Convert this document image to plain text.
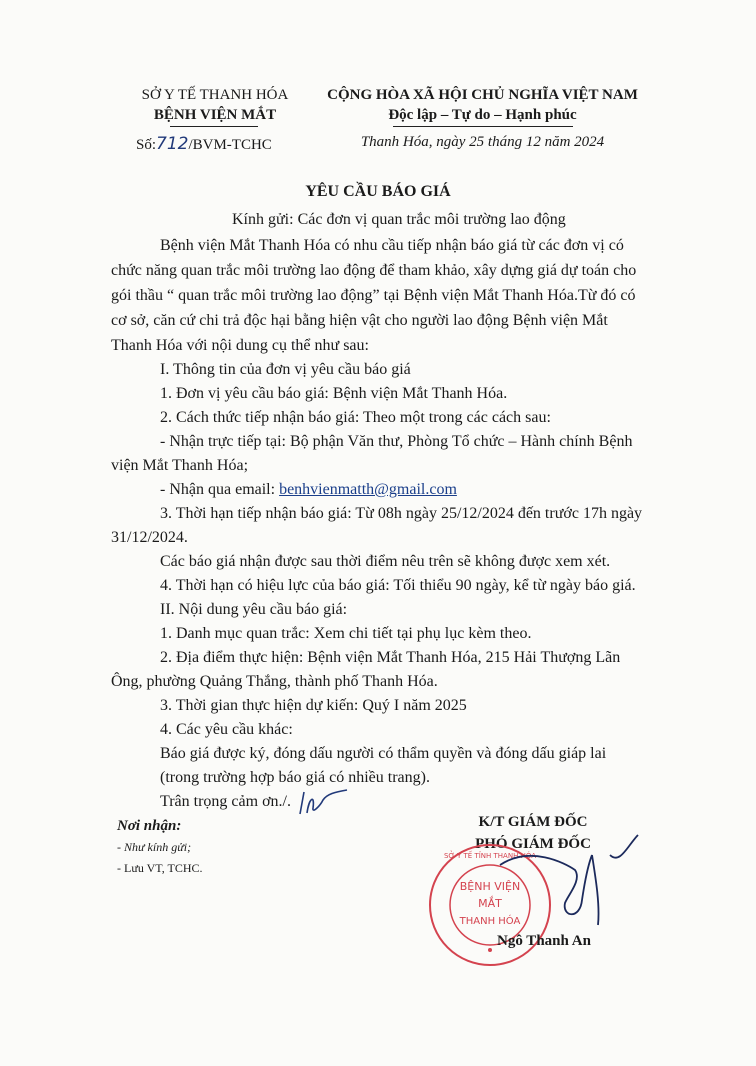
SỞ Y TẾ THANH HÓA
BỆNH VIỆN MẮT
Số:712/BVM-TCHC
CỘNG HÒA XÃ HỘI CHỦ NGHĨA VIỆT NAM
Độc lập – Tự do – Hạnh phúc
Thanh Hóa, ngày 25 tháng 12 năm 2024
YÊU CẦU BÁO GIÁ
Kính gửi: Các đơn vị quan trắc môi trường lao động
Bệnh viện Mắt Thanh Hóa có nhu cầu tiếp nhận báo giá từ các đơn vị có
chức năng quan trắc môi trường lao động để tham khảo, xây dựng giá dự toán cho
gói thầu “ quan trắc môi trường lao động” tại Bệnh viện Mắt Thanh Hóa.Từ đó có
cơ sở, căn cứ chi trả độc hại bằng hiện vật cho người lao động Bệnh viện Mắt
Thanh Hóa với nội dung cụ thể như sau:
I. Thông tin của đơn vị yêu cầu báo giá
1. Đơn vị yêu cầu báo giá: Bệnh viện Mắt Thanh Hóa.
2. Cách thức tiếp nhận báo giá: Theo một trong các cách sau:
- Nhận trực tiếp tại: Bộ phận Văn thư, Phòng Tổ chức – Hành chính Bệnh
viện Mắt Thanh Hóa;
- Nhận qua email: benhvienmatth@gmail.com
3. Thời hạn tiếp nhận báo giá: Từ 08h ngày 25/12/2024 đến trước 17h ngày
31/12/2024.
Các báo giá nhận được sau thời điểm nêu trên sẽ không được xem xét.
4. Thời hạn có hiệu lực của báo giá: Tối thiểu 90 ngày, kể từ ngày báo giá.
II. Nội dung yêu cầu báo giá:
1. Danh mục quan trắc: Xem chi tiết tại phụ lục kèm theo.
2. Địa điểm thực hiện: Bệnh viện Mắt Thanh Hóa, 215 Hải Thượng Lãn
Ông, phường Quảng Thắng, thành phố Thanh Hóa.
3. Thời gian thực hiện dự kiến: Quý I năm 2025
4. Các yêu cầu khác:
Báo giá được ký, đóng dấu người có thẩm quyền và đóng dấu giáp lai
(trong trường hợp báo giá có nhiều trang).
Trân trọng cảm ơn./.
Nơi nhận:
- Như kính gửi;
- Lưu VT, TCHC.
K/T GIÁM ĐỐC
PHÓ GIÁM ĐỐC
SỞ Y TẾ TỈNH THANH HÓA
BỆNH VIỆN
MẮT
THANH HÓA
Ngô Thanh An
